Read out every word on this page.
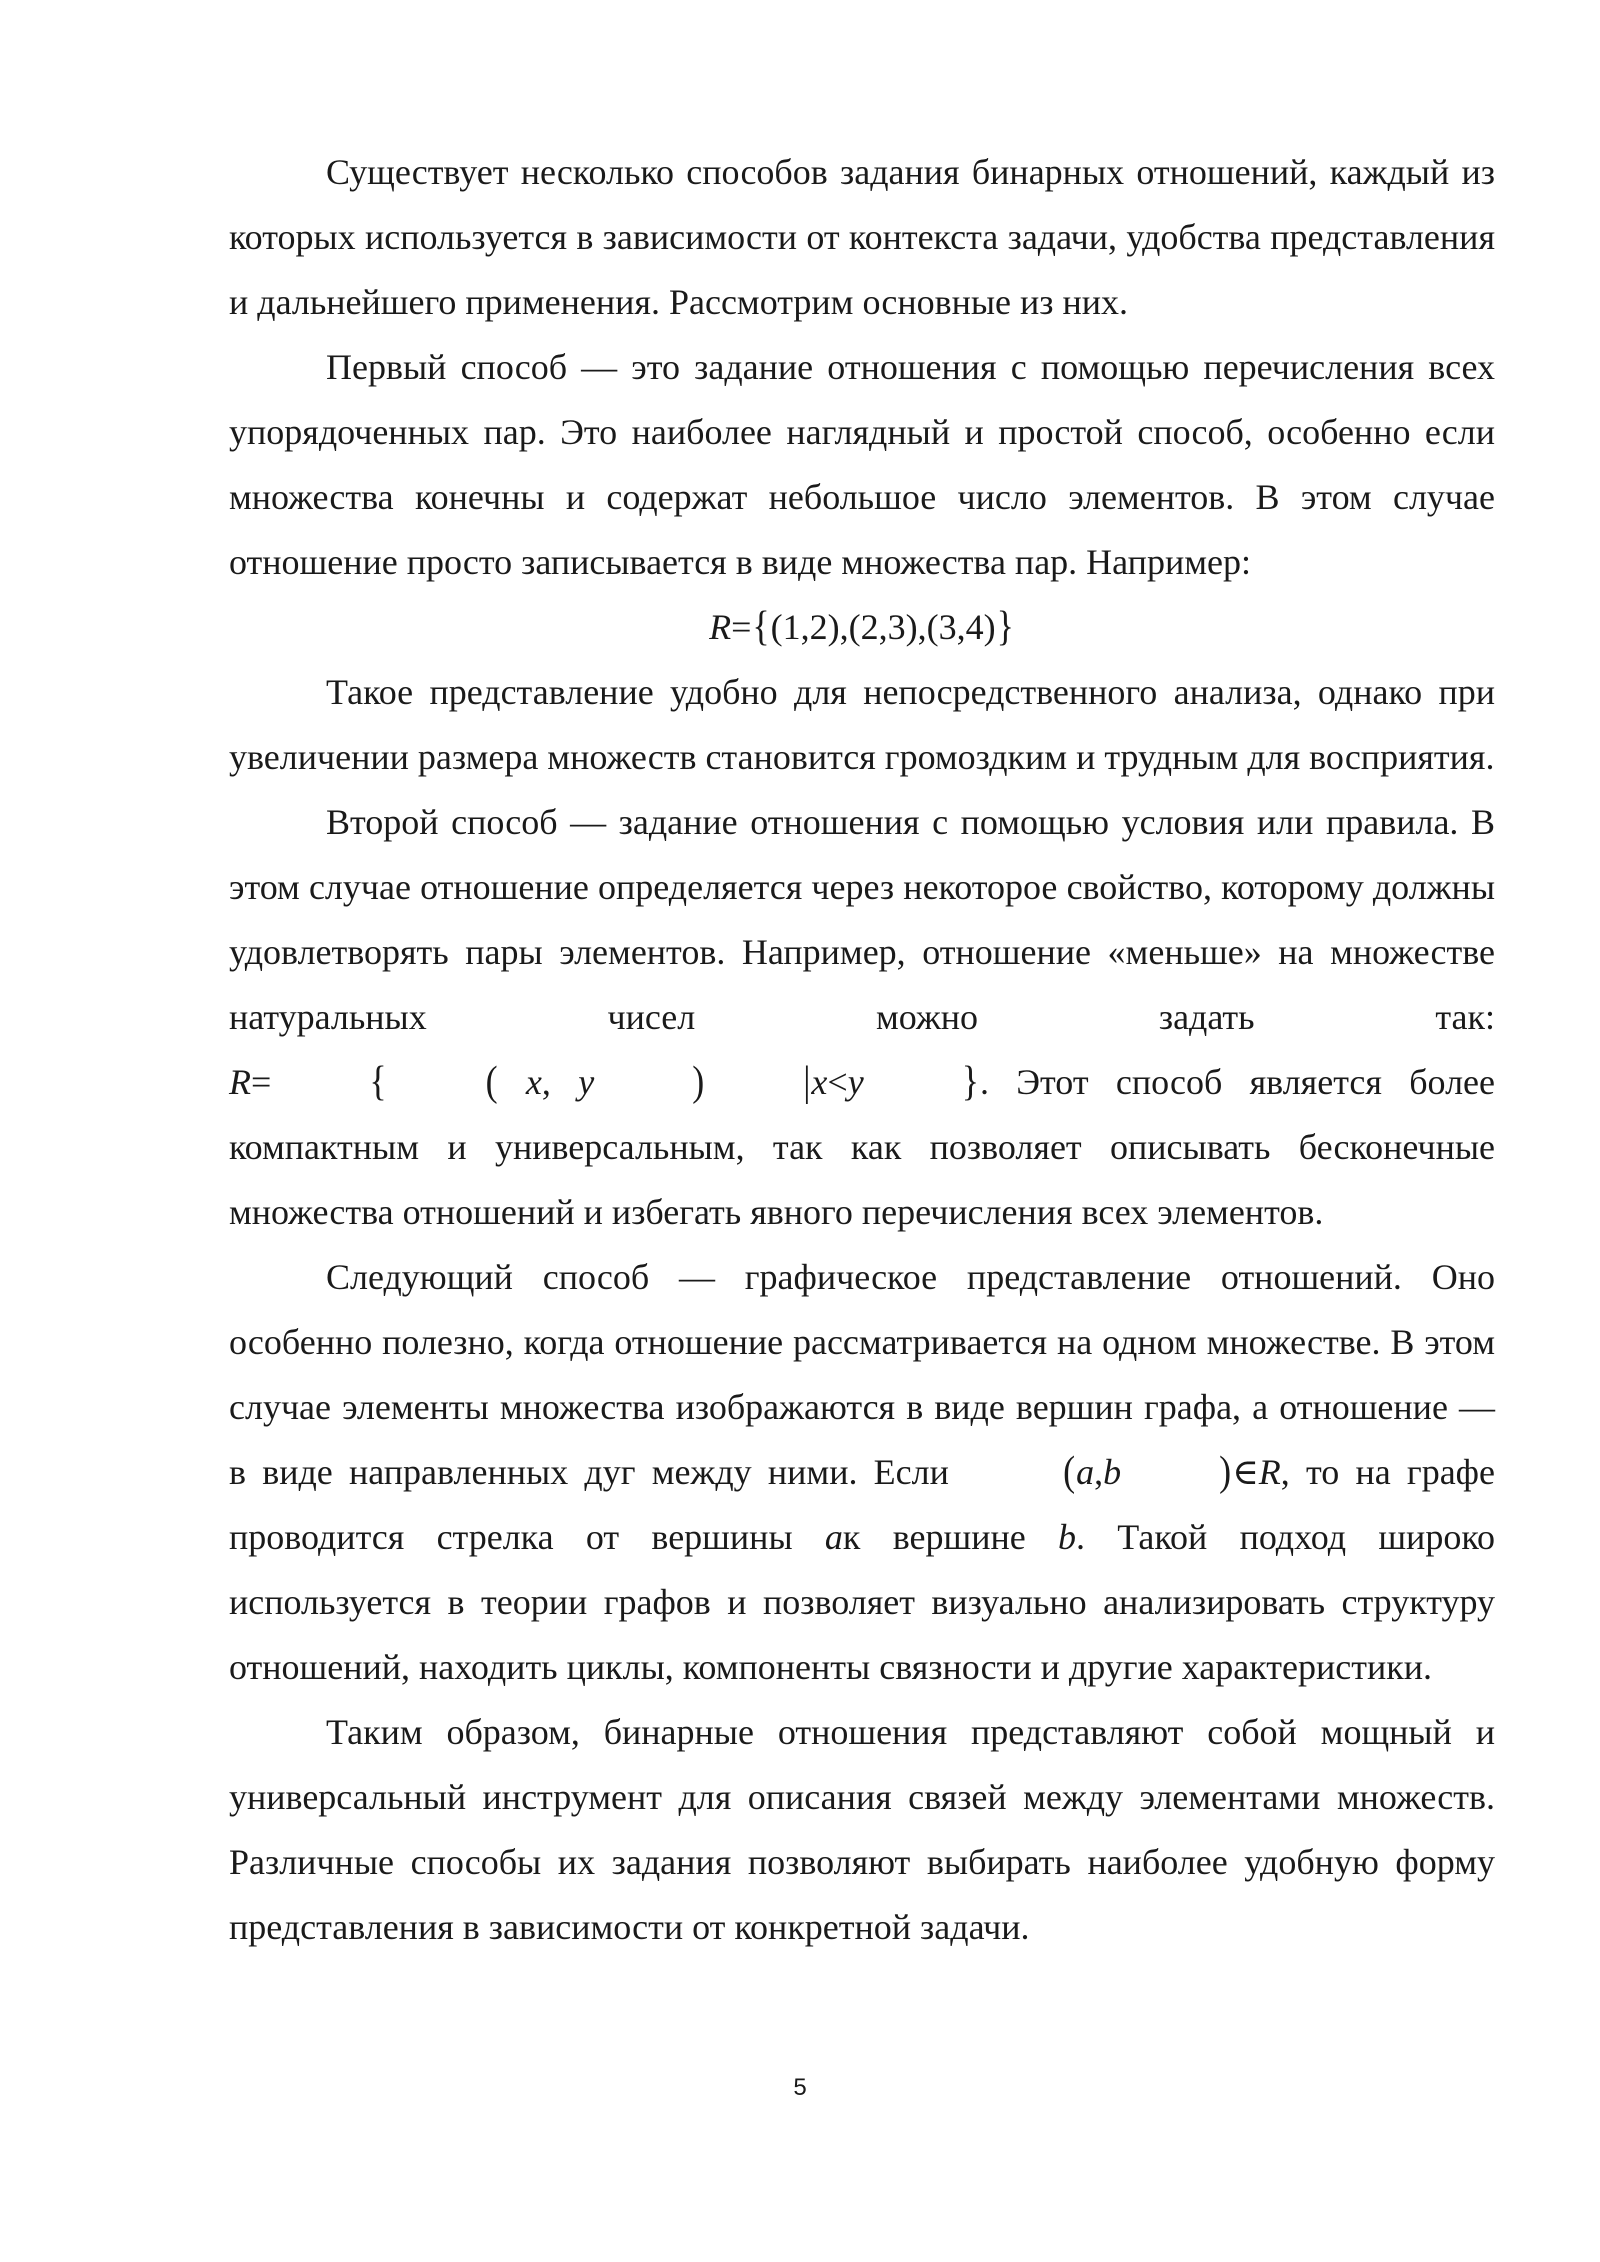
Существует несколько способов задания бинарных отношений, каждый из которых используется в зависимости от контекста задачи, удобства представления и дальнейшего применения. Рассмотрим основные из них.

Первый способ — это задание отношения с помощью перечисления всех упорядоченных пар. Это наиболее наглядный и простой способ, особенно если множества конечны и содержат небольшое число элементов. В этом случае отношение просто записывается в виде множества пар. Например:

R={(1,2),(2,3),(3,4)}

Такое представление удобно для непосредственного анализа, однако при увеличении размера множеств становится громоздким и трудным для восприятия.

Второй способ — задание отношения с помощью условия или правила. В этом случае отношение определяется через некоторое свойство, которому должны удовлетворять пары элементов. Например, отношение «меньше» на множестве натуральных чисел можно задать так: R=	{	( x, y	)	|x<y	}. Этот способ является более компактным и универсальным, так как позволяет описывать бесконечные множества отношений и избегать явного перечисления всех элементов.

Следующий способ — графическое представление отношений. Оно особенно полезно, когда отношение рассматривается на одном множестве. В этом случае элементы множества изображаются в виде вершин графа, а отношение — в виде направленных дуг между ними. Если	(a,b	)∈R, то на графе проводится стрелка от вершины aк вершине b. Такой подход широко используется в теории графов и позволяет визуально анализировать структуру отношений, находить циклы, компоненты связности и другие характеристики.

Таким образом, бинарные отношения представляют собой мощный и универсальный инструмент для описания связей между элементами множеств. Различные способы их задания позволяют выбирать наиболее удобную форму представления в зависимости от конкретной задачи.

5
